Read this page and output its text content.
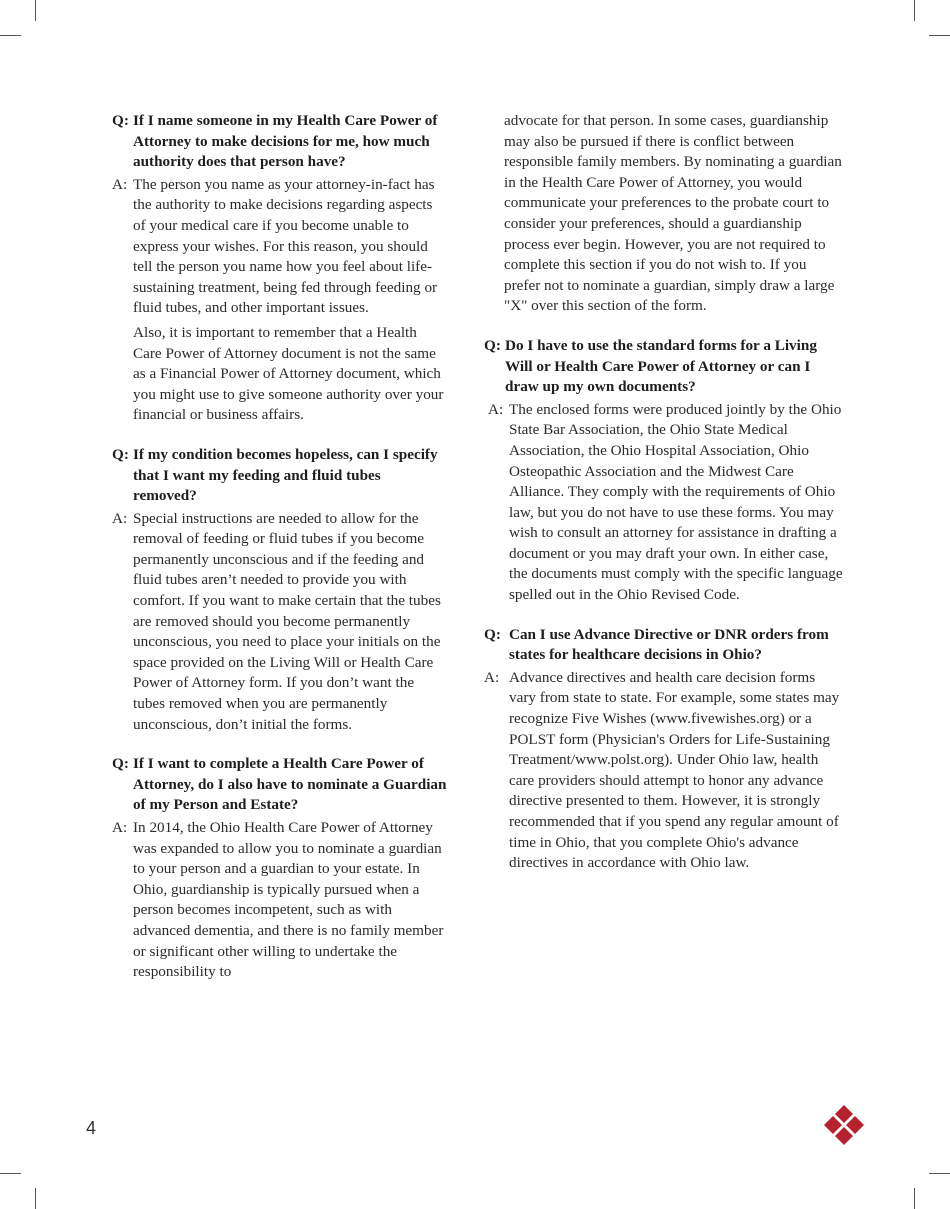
Q: If I name someone in my Health Care Power of Attorney to make decisions for me, how much authority does that person have?
A: The person you name as your attorney-in-fact has the authority to make decisions regarding aspects of your medical care if you become unable to express your wishes. For this reason, you should tell the person you name how you feel about life-sustaining treatment, being fed through feeding or fluid tubes, and other important issues.
Also, it is important to remember that a Health Care Power of Attorney document is not the same as a Financial Power of Attorney document, which you might use to give someone authority over your financial or business affairs.
Q: If my condition becomes hopeless, can I specify that I want my feeding and fluid tubes removed?
A: Special instructions are needed to allow for the removal of feeding or fluid tubes if you become permanently unconscious and if the feeding and fluid tubes aren’t needed to provide you with comfort. If you want to make certain that the tubes are removed should you become permanently unconscious, you need to place your initials on the space provided on the Living Will or Health Care Power of Attorney form. If you don’t want the tubes removed when you are permanently unconscious, don’t initial the forms.
Q: If I want to complete a Health Care Power of Attorney, do I also have to nominate a Guardian of my Person and Estate?
A: In 2014, the Ohio Health Care Power of Attorney was expanded to allow you to nominate a guardian to your person and a guardian to your estate. In Ohio, guardianship is typically pursued when a person becomes incompetent, such as with advanced dementia, and there is no family member or significant other willing to undertake the responsibility to
advocate for that person. In some cases, guardianship may also be pursued if there is conflict between responsible family members. By nominating a guardian in the Health Care Power of Attorney, you would communicate your preferences to the probate court to consider your preferences, should a guardianship process ever begin. However, you are not required to complete this section if you do not wish to. If you prefer not to nominate a guardian, simply draw a large "X" over this section of the form.
Q: Do I have to use the standard forms for a Living Will or Health Care Power of Attorney or can I draw up my own documents?
A: The enclosed forms were produced jointly by the Ohio State Bar Association, the Ohio State Medical Association, the Ohio Hospital Association, Ohio Osteopathic Association and the Midwest Care Alliance. They comply with the requirements of Ohio law, but you do not have to use these forms. You may wish to consult an attorney for assistance in drafting a document or you may draft your own. In either case, the documents must comply with the specific language spelled out in the Ohio Revised Code.
Q: Can I use Advance Directive or DNR orders from states for healthcare decisions in Ohio?
A: Advance directives and health care decision forms vary from state to state. For example, some states may recognize Five Wishes (www.fivewishes.org) or a POLST form (Physician's Orders for Life-Sustaining Treatment/www.polst.org). Under Ohio law, health care providers should attempt to honor any advance directive presented to them. However, it is strongly recommended that if you spend any regular amount of time in Ohio, that you complete Ohio's advance directives in accordance with Ohio law.
4
